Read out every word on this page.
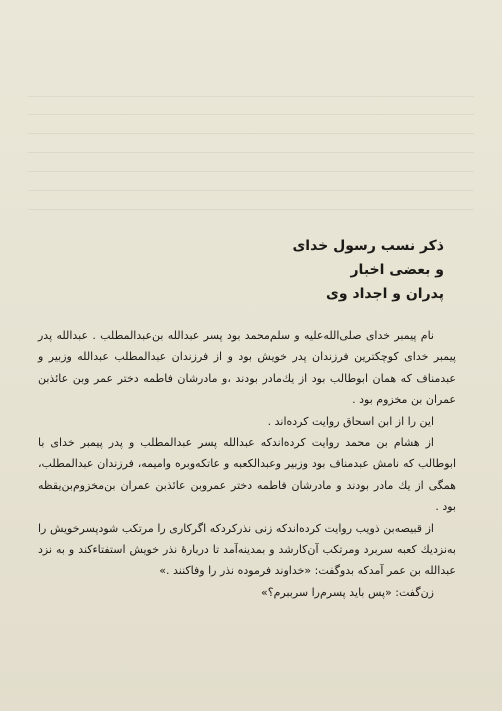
ذکر نسب رسول خدای
و بعضی اخبار
پدران و اجداد وی

نام پیمبر خدای صلی‌الله‌علیه و سلم‌محمد بود پسر عبدالله بن‌عبدالمطلب . عبدالله پدر پیمبر خدای کوچکترین فرزندان پدر خویش بود و از فرزندان عبدالمطلب عبدالله وزبیر و عبدمناف که همان ابوطالب بود از یك‌مادر بودند ،و مادرشان فاطمه دختر عمر وبن عائذبن عمران بن مخزوم بود .

این را از ابن اسحاق روایت کرده‌اند .

از هشام بن محمد روایت کرده‌اندکه عبدالله پسر عبدالمطلب و پدر پیمبر خدای با ابوطالب که نامش عبدمناف بود وزبیر وعبدالکعبه و عاتکه‌وبره وامیمه، فرزندان عبدالمطلب، همگی از یك مادر بودند و مادرشان فاطمه دختر عمروبن عائذبن عمران بن‌مخزوم‌بن‌یقظه بود .

از قبیصه‌بن ذویب روایت کرده‌اندکه زنی نذرکردکه اگرکاری را مرتکب شود‌پسرخویش را به‌نزدیك کعبه سربرد ومرتکب آن‌کارشد و بمدینه‌آمد تا دربارهٔ نذر خویش استفتا‌ءکند و به نزد عبدالله بن عمر آمدکه بدوگفت: «خداوند فرموده نذر را وفاکنند .»

زن‌گفت: «پس باید پسرم‌را سرببرم؟»
